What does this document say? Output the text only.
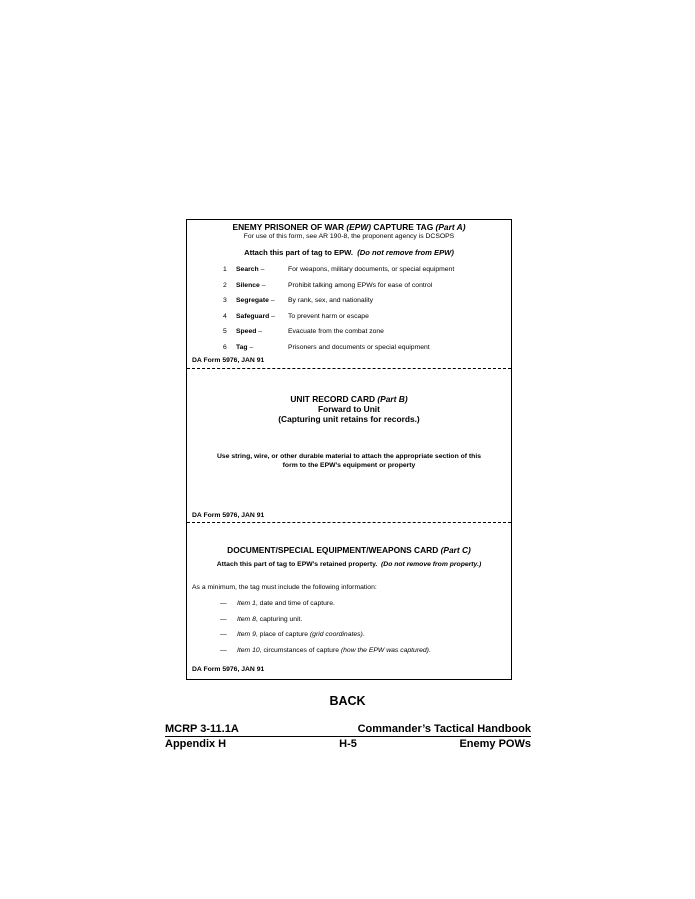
ENEMY PRISONER OF WAR (EPW) CAPTURE TAG (Part A)
For use of this form, see AR 190-8, the proponent agency is DCSOPS
Attach this part of tag to EPW. (Do not remove from EPW)
1	Search –	For weapons, military documents, or special equipment
2	Silence –	Prohibit talking among EPWs for ease of control
3	Segregate – By rank, sex, and nationality
4	Safeguard – To prevent harm or escape
5	Speed –	Evacuate from the combat zone
6	Tag –	Prisoners and documents or special equipment
DA Form 5976, JAN 91
UNIT RECORD CARD (Part B)
Forward to Unit
(Capturing unit retains for records.)
Use string, wire, or other durable material to attach the appropriate section of this
form to the EPW’s equipment or property
DA Form 5976, JAN 91
DOCUMENT/SPECIAL EQUIPMENT/WEAPONS CARD (Part C)
Attach this part of tag to EPW’s retained property. (Do not remove from property.)
As a minimum, the tag must include the following information:
— Item 1, date and time of capture.
— Item 8, capturing unit.
— Item 9, place of capture (grid coordinates).
— Item 10, circumstances of capture (how the EPW was captured).
DA Form 5976, JAN 91
BACK
MCRP 3-11.1A	Commander’s Tactical Handbook
Appendix H	H-5	Enemy POWs
